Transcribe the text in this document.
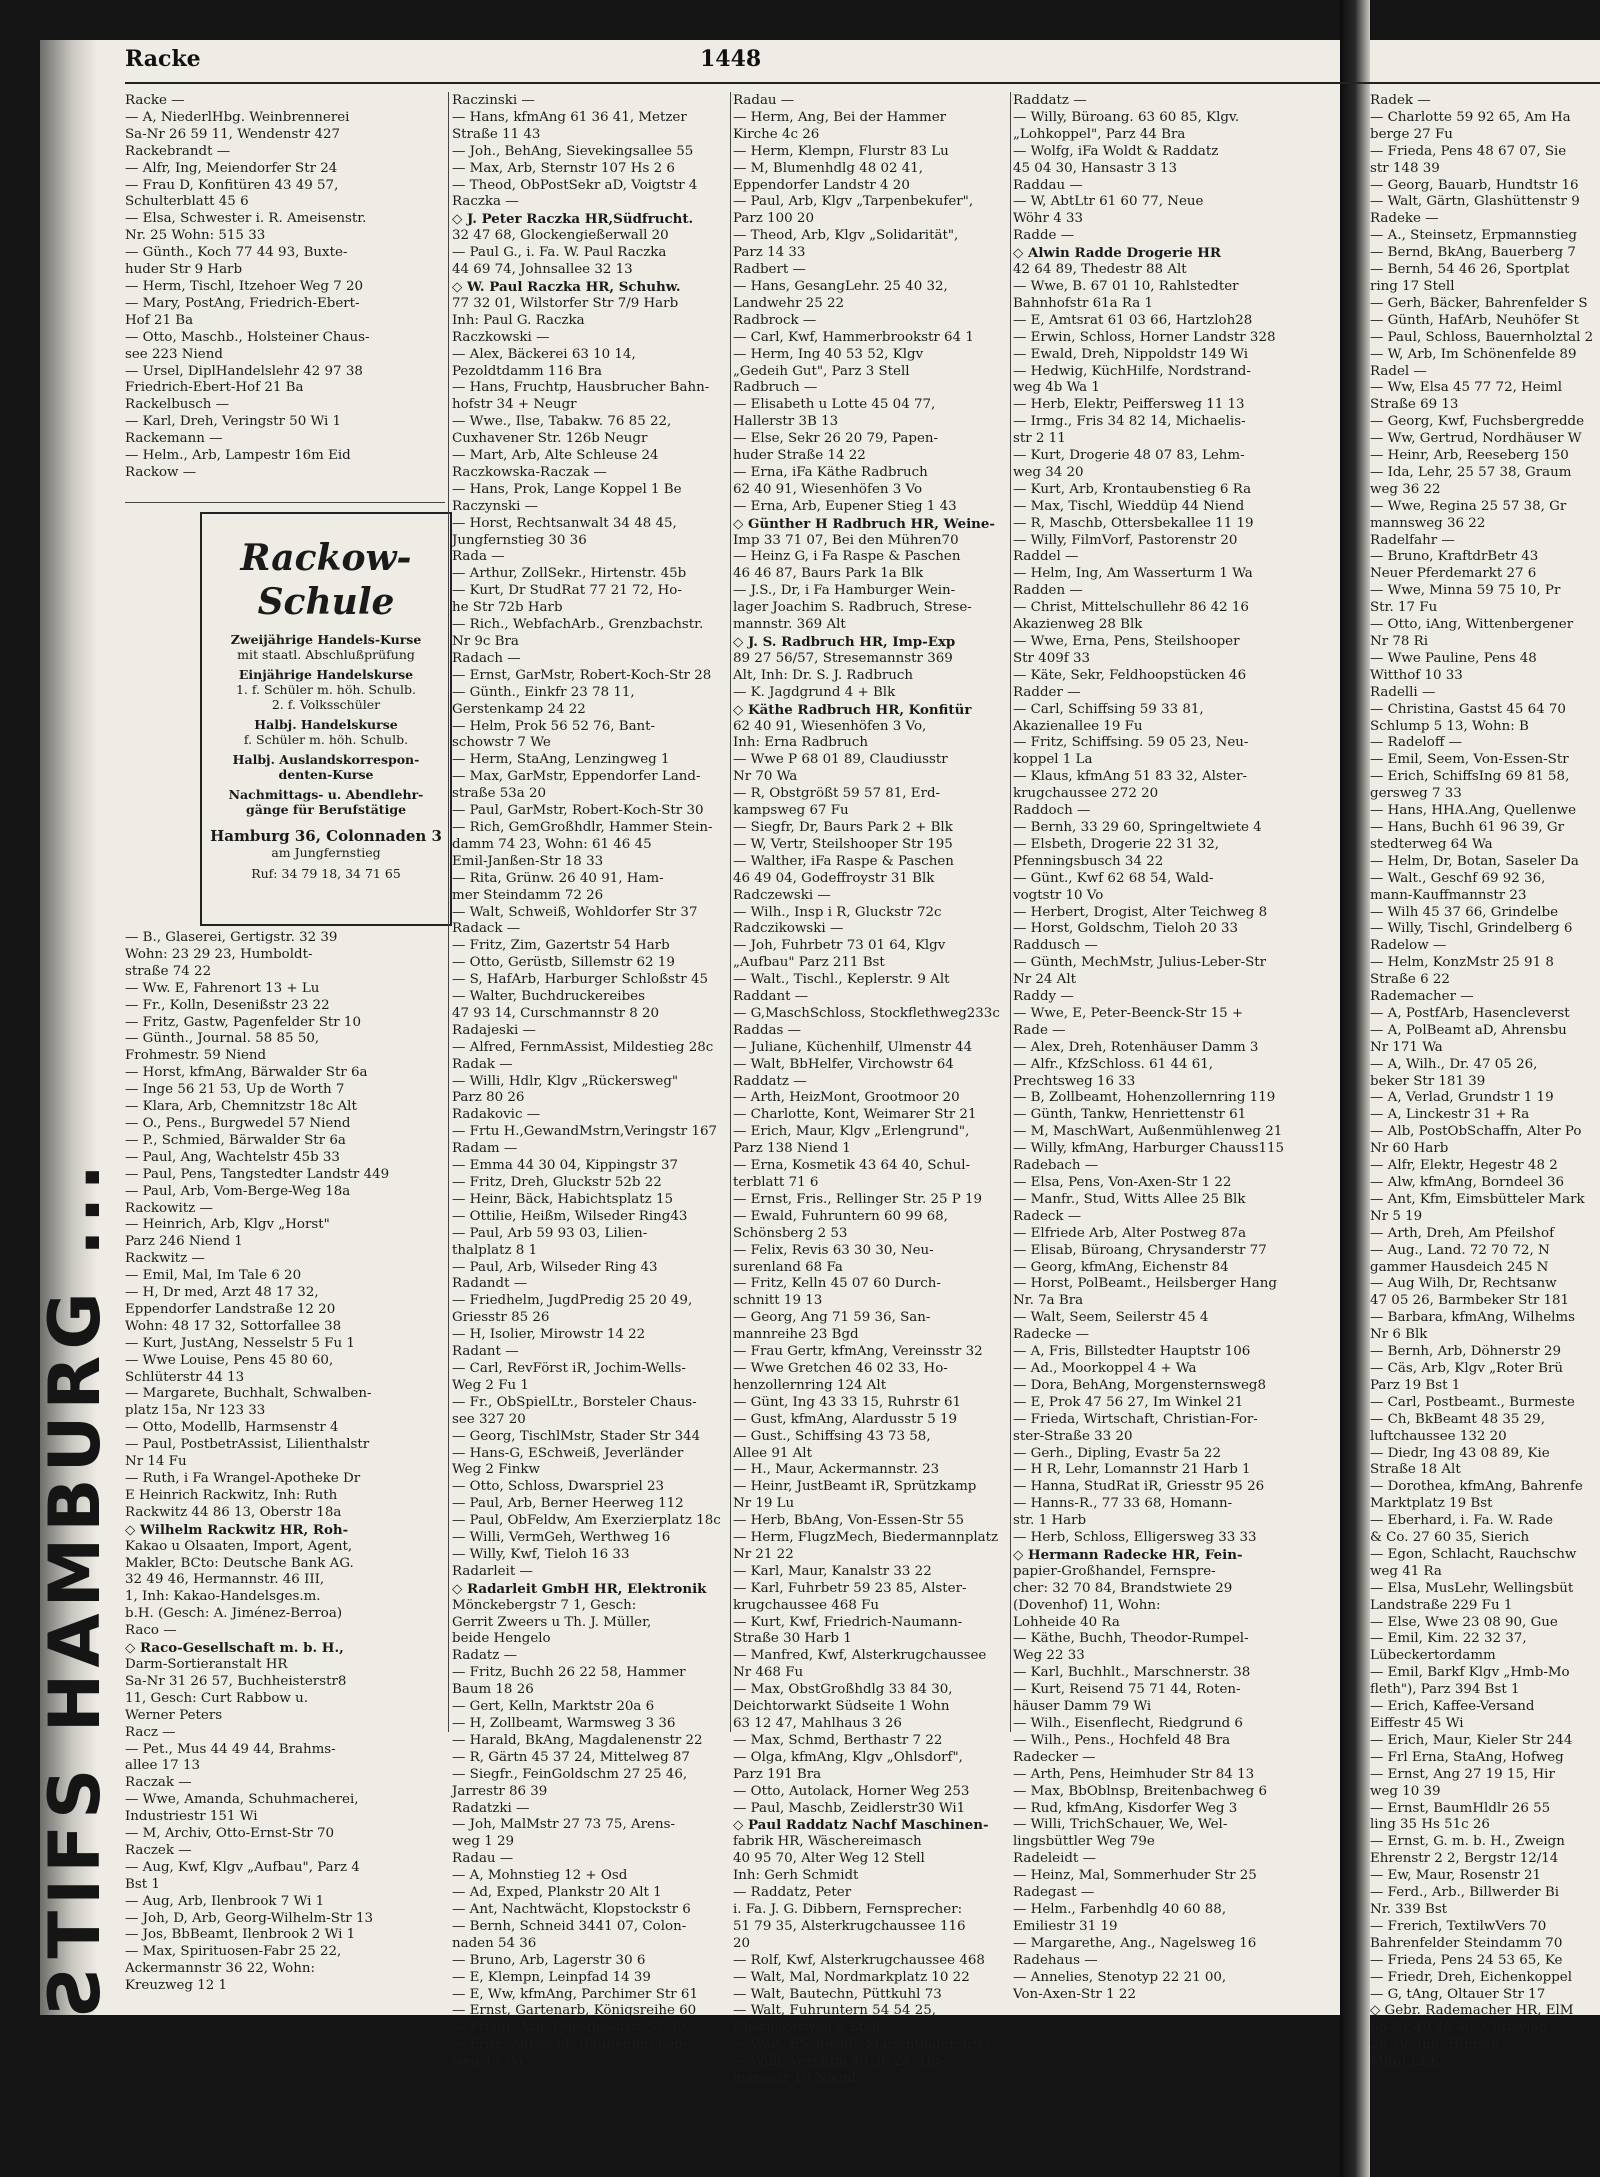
ƧTIFS HAMBURG ...
Racke	1448
Racke —
— A, NiederlHbg. Weinbrennerei
Sa-Nr 26 59 11, Wendenstr 427
Rackebrandt —
— Alfr, Ing, Meiendorfer Str 24
— Frau D, Konfitüren 43 49 57,
Schulterblatt 45 6
— Elsa, Schwester i. R. Ameisenstr.
Nr. 25 Wohn: 515 33
— Günth., Koch 77 44 93, Buxte-
huder Str 9 Harb
— Herm, Tischl, Itzehoer Weg 7 20
— Mary, PostAng, Friedrich-Ebert-
Hof 21 Ba
— Otto, Maschb., Holsteiner Chaus-
see 223 Niend
— Ursel, DiplHandelslehr 42 97 38
Friedrich-Ebert-Hof 21 Ba
Rackelbusch —
— Karl, Dreh, Veringstr 50 Wi 1
Rackemann —
— Helm., Arb, Lampestr 16m Eid
Rackow —
Rackow-Schule
Zweijährige Handels-Kurse
mit staatl. Abschlußprüfung
Einjährige Handelskurse
1. f. Schüler m. höh. Schulb.
2. f. Volksschüler
Halbj. Handelskurse
f. Schüler m. höh. Schulb.
Halbj. Auslandskorrespon-
denten-Kurse
Nachmittags- u. Abendlehr-
gänge für Berufstätige
Hamburg 36, Colonnaden 3
am Jungfernstieg
Ruf: 34 79 18, 34 71 65
— B., Glaserei, Gertigstr. 32 39
Wohn: 23 29 23, Humboldt-
straße 74 22
— Ww. E, Fahrenort 13 + Lu
— Fr., Kolln, Desenißstr 23 22
— Fritz, Gastw, Pagenfelder Str 10
— Günth., Journal. 58 85 50,
Frohmestr. 59 Niend
— Horst, kfmAng, Bärwalder Str 6a
— Inge 56 21 53, Up de Worth 7
— Klara, Arb, Chemnitzstr 18c Alt
— O., Pens., Burgwedel 57 Niend
— P., Schmied, Bärwalder Str 6a
— Paul, Ang, Wachtelstr 45b 33
— Paul, Pens, Tangstedter Landstr 449
— Paul, Arb, Vom-Berge-Weg 18a
Rackowitz —
— Heinrich, Arb, Klgv „Horst"
Parz 246 Niend 1
Rackwitz —
— Emil, Mal, Im Tale 6 20
— H, Dr med, Arzt 48 17 32,
Eppendorfer Landstraße 12 20
Wohn: 48 17 32, Sottorfallee 38
— Kurt, JustAng, Nesselstr 5 Fu 1
— Wwe Louise, Pens 45 80 60,
Schlüterstr 44 13
— Margarete, Buchhalt, Schwalben-
platz 15a, Nr 123 33
— Otto, Modellb, Harmsenstr 4
— Paul, PostbetrAssist, Lilienthalstr
Nr 14 Fu
— Ruth, i Fa Wrangel-Apotheke Dr
E Heinrich Rackwitz, Inh: Ruth
Rackwitz 44 86 13, Oberstr 18a
◇ Wilhelm Rackwitz HR, Roh-
Kakao u Olsaaten, Import, Agent,
Makler, BCto: Deutsche Bank AG.
32 49 46, Hermannstr. 46 III,
1, Inh: Kakao-Handelsges.m.
b.H. (Gesch: A. Jiménez-Berroa)
Raco —
◇ Raco-Gesellschaft m. b. H.,
Darm-Sortieranstalt HR
Sa-Nr 31 26 57, Buchheisterstr8
11, Gesch: Curt Rabbow u.
Werner Peters
Racz —
— Pet., Mus 44 49 44, Brahms-
allee 17 13
Raczak —
— Wwe, Amanda, Schuhmacherei,
Industriestr 151 Wi
— M, Archiv, Otto-Ernst-Str 70
Raczek —
— Aug, Kwf, Klgv „Aufbau", Parz 4
Bst 1
— Aug, Arb, Ilenbrook 7 Wi 1
— Joh, D, Arb, Georg-Wilhelm-Str 13
— Jos, BbBeamt, Ilenbrook 2 Wi 1
— Max, Spirituosen-Fabr 25 22,
Ackermannstr 36 22, Wohn:
Kreuzweg 12 1
Raczinski —
— Hans, kfmAng 61 36 41, Metzer
Straße 11 43
— Joh., BehAng, Sievekingsallee 55
— Max, Arb, Sternstr 107 Hs 2 6
— Theod, ObPostSekr aD, Voigtstr 4
Raczka —
◇ J. Peter Raczka HR,Südfrucht.
32 47 68, Glockengießerwall 20
— Paul G., i. Fa. W. Paul Raczka
44 69 74, Johnsallee 32 13
◇ W. Paul Raczka HR, Schuhw.
77 32 01, Wilstorfer Str 7/9 Harb
Inh: Paul G. Raczka
Raczkowski —
— Alex, Bäckerei 63 10 14,
Pezoldtdamm 116 Bra
— Hans, Fruchtp, Hausbrucher Bahn-
hofstr 34 + Neugr
— Wwe., Ilse, Tabakw. 76 85 22,
Cuxhavener Str. 126b Neugr
— Mart, Arb, Alte Schleuse 24
Raczkowska-Raczak —
— Hans, Prok, Lange Koppel 1 Be
Raczynski —
— Horst, Rechtsanwalt 34 48 45,
Jungfernstieg 30 36
Rada —
— Arthur, ZollSekr., Hirtenstr. 45b
— Kurt, Dr StudRat 77 21 72, Ho-
he Str 72b Harb
— Rich., WebfachArb., Grenzbachstr.
Nr 9c Bra
Radach —
— Ernst, GarMstr, Robert-Koch-Str 28
— Günth., Einkfr 23 78 11,
Gerstenkamp 24 22
— Helm, Prok 56 52 76, Bant-
schowstr 7 We
— Herm, StaAng, Lenzingweg 1
— Max, GarMstr, Eppendorfer Land-
straße 53a 20
— Paul, GarMstr, Robert-Koch-Str 30
— Rich, GemGroßhdlr, Hammer Stein-
damm 74 23, Wohn: 61 46 45
Emil-Janßen-Str 18 33
— Rita, Grünw. 26 40 91, Ham-
mer Steindamm 72 26
— Walt, Schweiß, Wohldorfer Str 37
Radack —
— Fritz, Zim, Gazertstr 54 Harb
— Otto, Gerüstb, Sillemstr 62 19
— S, HafArb, Harburger Schloßstr 45
— Walter, Buchdruckereibes
47 93 14, Curschmannstr 8 20
Radajeski —
— Alfred, FernmAssist, Mildestieg 28c
Radak —
— Willi, Hdlr, Klgv „Rückersweg"
Parz 80 26
Radakovic —
— Frtu H.,GewandMstrn,Veringstr 167
Radam —
— Emma 44 30 04, Kippingstr 37
— Fritz, Dreh, Gluckstr 52b 22
— Heinr, Bäck, Habichtsplatz 15
— Ottilie, Heißm, Wilseder Ring43
— Paul, Arb 59 93 03, Lilien-
thalplatz 8 1
— Paul, Arb, Wilseder Ring 43
Radandt —
— Friedhelm, JugdPredig 25 20 49,
Griesstr 85 26
— H, Isolier, Mirowstr 14 22
Radant —
— Carl, RevFörst iR, Jochim-Wells-
Weg 2 Fu 1
— Fr., ObSpielLtr., Borsteler Chaus-
see 327 20
— Georg, TischlMstr, Stader Str 344
— Hans-G, ESchweiß, Jeverländer
Weg 2 Finkw
— Otto, Schloss, Dwarspriel 23
— Paul, Arb, Berner Heerweg 112
— Paul, ObFeldw, Am Exerzierplatz 18c
— Willi, VermGeh, Werthweg 16
— Willy, Kwf, Tieloh 16 33
Radarleit —
◇ Radarleit GmbH HR, Elektronik
Mönckebergstr 7 1, Gesch:
Gerrit Zweers u Th. J. Müller,
beide Hengelo
Radatz —
— Fritz, Buchh 26 22 58, Hammer
Baum 18 26
— Gert, Kelln, Marktstr 20a 6
— H, Zollbeamt, Warmsweg 3 36
— Harald, BkAng, Magdalenenstr 22
— R, Gärtn 45 37 24, Mittelweg 87
— Siegfr., FeinGoldschm 27 25 46,
Jarrestr 86 39
Radatzki —
— Joh, MalMstr 27 73 75, Arens-
weg 1 29
Radau —
— A, Mohnstieg 12 + Osd
— Ad, Exped, Plankstr 20 Alt 1
— Ant, Nachtwächt, Klopstockstr 6
— Bernh, Schneid 3441 07, Colon-
naden 54 36
— Bruno, Arb, Lagerstr 30 6
— E, Klempn, Leinpfad 14 39
— E, Ww, kfmAng, Parchimer Str 61
— Ernst, Gartenarb, Königsreihe 60
— Friedr, Arb, Dorotheenstr 57 39
— Fritz, Autoschl, Haubenlerchen-
weg 17 Po
Radau —
— Herm, Ang, Bei der Hammer
Kirche 4c 26
— Herm, Klempn, Flurstr 83 Lu
— M, Blumenhdlg 48 02 41,
Eppendorfer Landstr 4 20
— Paul, Arb, Klgv „Tarpenbekufer",
Parz 100 20
— Theod, Arb, Klgv „Solidarität",
Parz 14 33
Radbert —
— Hans, GesangLehr. 25 40 32,
Landwehr 25 22
Radbrock —
— Carl, Kwf, Hammerbrookstr 64 1
— Herm, Ing 40 53 52, Klgv
„Gedeih Gut", Parz 3 Stell
Radbruch —
— Elisabeth u Lotte 45 04 77,
Hallerstr 3B 13
— Else, Sekr 26 20 79, Papen-
huder Straße 14 22
— Erna, iFa Käthe Radbruch
62 40 91, Wiesenhöfen 3 Vo
— Erna, Arb, Eupener Stieg 1 43
◇ Günther H Radbruch HR, Weine-
Imp 33 71 07, Bei den Mühren70
— Heinz G, i Fa Raspe & Paschen
46 46 87, Baurs Park 1a Blk
— J.S., Dr, i Fa Hamburger Wein-
lager Joachim S. Radbruch, Strese-
mannstr. 369 Alt
◇ J. S. Radbruch HR, Imp-Exp
89 27 56/57, Stresemannstr 369
Alt, Inh: Dr. S. J. Radbruch
— K. Jagdgrund 4 + Blk
◇ Käthe Radbruch HR, Konfitür
62 40 91, Wiesenhöfen 3 Vo,
Inh: Erna Radbruch
— Wwe P 68 01 89, Claudiusstr
Nr 70 Wa
— R, Obstgrößt 59 57 81, Erd-
kampsweg 67 Fu
— Siegfr, Dr, Baurs Park 2 + Blk
— W, Vertr, Steilshooper Str 195
— Walther, iFa Raspe & Paschen
46 49 04, Godeffroystr 31 Blk
Radczewski —
— Wilh., Insp i R, Gluckstr 72c
Radczikowski —
— Joh, Fuhrbetr 73 01 64, Klgv
„Aufbau" Parz 211 Bst
— Walt., Tischl., Keplerstr. 9 Alt
Raddant —
— G,MaschSchloss, Stockflethweg233c
Raddas —
— Juliane, Küchenhilf, Ulmenstr 44
— Walt, BbHelfer, Virchowstr 64
Raddatz —
— Arth, HeizMont, Grootmoor 20
— Charlotte, Kont, Weimarer Str 21
— Erich, Maur, Klgv „Erlengrund",
Parz 138 Niend 1
— Erna, Kosmetik 43 64 40, Schul-
terblatt 71 6
— Ernst, Fris., Rellinger Str. 25 P 19
— Ewald, Fuhruntern 60 99 68,
Schönsberg 2 53
— Felix, Revis 63 30 30, Neu-
surenland 68 Fa
— Fritz, Kelln 45 07 60 Durch-
schnitt 19 13
— Georg, Ang 71 59 36, San-
mannreihe 23 Bgd
— Frau Gertr, kfmAng, Vereinsstr 32
— Wwe Gretchen 46 02 33, Ho-
henzollernring 124 Alt
— Günt, Ing 43 33 15, Ruhrstr 61
— Gust, kfmAng, Alardusstr 5 19
— Gust., Schiffsing 43 73 58,
Allee 91 Alt
— H., Maur, Ackermannstr. 23
— Heinr, JustBeamt iR, Sprützkamp
Nr 19 Lu
— Herb, BbAng, Von-Essen-Str 55
— Herm, FlugzMech, Biedermannplatz
Nr 21 22
— Karl, Maur, Kanalstr 33 22
— Karl, Fuhrbetr 59 23 85, Alster-
krugchaussee 468 Fu
— Kurt, Kwf, Friedrich-Naumann-
Straße 30 Harb 1
— Manfred, Kwf, Alsterkrugchaussee
Nr 468 Fu
— Max, ObstGroßhdlg 33 84 30,
Deichtorwarkt Südseite 1 Wohn
63 12 47, Mahlhaus 3 26
— Max, Schmd, Berthastr 7 22
— Olga, kfmAng, Klgv „Ohlsdorf",
Parz 191 Bra
— Otto, Autolack, Horner Weg 253
— Paul, Maschb, Zeidlerstr30 Wi1
◇ Paul Raddatz Nachf Maschinen-
fabrik HR, Wäschereimasch
40 95 70, Alter Weg 12 Stell
Inh: Gerh Schmidt
— Raddatz, Peter
i. Fa. J. G. Dibbern, Fernsprecher:
51 79 35, Alsterkrugchaussee 116
20
— Rolf, Kwf, Alsterkrugchaussee 468
— Walt, Mal, Nordmarkplatz 10 22
— Walt, Bautechn, Püttkuhl 73
— Walt, Fuhruntern 54 54 25,
Cheruskerweg 8 Stell
— Walt, ESchweiß, Marienthalerstr93
— Willi, VersKfm 48 36 24, Hu-
mannstr 19 Niend
Raddatz —
— Willy, Büroang. 63 60 85, Klgv.
„Lohkoppel", Parz 44 Bra
— Wolfg, iFa Woldt & Raddatz
45 04 30, Hansastr 3 13
Raddau —
— W, AbtLtr 61 60 77, Neue
Wöhr 4 33
Radde —
◇ Alwin Radde Drogerie HR
42 64 89, Thedestr 88 Alt
— Wwe, B. 67 01 10, Rahlstedter
Bahnhofstr 61a Ra 1
— E, Amtsrat 61 03 66, Hartzloh28
— Erwin, Schloss, Horner Landstr 328
— Ewald, Dreh, Nippoldstr 149 Wi
— Hedwig, KüchHilfe, Nordstrand-
weg 4b Wa 1
— Herb, Elektr, Peiffersweg 11 13
— Irmg., Fris 34 82 14, Michaelis-
str 2 11
— Kurt, Drogerie 48 07 83, Lehm-
weg 34 20
— Kurt, Arb, Krontaubenstieg 6 Ra
— Max, Tischl, Wieddüp 44 Niend
— R, Maschb, Ottersbekallee 11 19
— Willy, FilmVorf, Pastorenstr 20
Raddel —
— Helm, Ing, Am Wasserturm 1 Wa
Radden —
— Christ, Mittelschullehr 86 42 16
Akazienweg 28 Blk
— Wwe, Erna, Pens, Steilshooper
Str 409f 33
— Käte, Sekr, Feldhoopstücken 46
Radder —
— Carl, Schiffsing 59 33 81,
Akazienallee 19 Fu
— Fritz, Schiffsing. 59 05 23, Neu-
koppel 1 La
— Klaus, kfmAng 51 83 32, Alster-
krugchaussee 272 20
Raddoch —
— Bernh, 33 29 60, Springeltwiete 4
— Elsbeth, Drogerie 22 31 32,
Pfenningsbusch 34 22
— Günt., Kwf 62 68 54, Wald-
vogtstr 10 Vo
— Herbert, Drogist, Alter Teichweg 8
— Horst, Goldschm, Tieloh 20 33
Raddusch —
— Günth, MechMstr, Julius-Leber-Str
Nr 24 Alt
Raddy —
— Wwe, E, Peter-Beenck-Str 15 +
Rade —
— Alex, Dreh, Rotenhäuser Damm 3
— Alfr., KfzSchloss. 61 44 61,
Prechtsweg 16 33
— B, Zollbeamt, Hohenzollernring 119
— Günth, Tankw, Henriettenstr 61
— M, MaschWart, Außenmühlenweg 21
— Willy, kfmAng, Harburger Chauss115
Radebach —
— Elsa, Pens, Von-Axen-Str 1 22
— Manfr., Stud, Witts Allee 25 Blk
Radeck —
— Elfriede Arb, Alter Postweg 87a
— Elisab, Büroang, Chrysanderstr 77
— Georg, kfmAng, Eichenstr 84
— Horst, PolBeamt., Heilsberger Hang
Nr. 7a Bra
— Walt, Seem, Seilerstr 45 4
Radecke —
— A, Fris, Billstedter Hauptstr 106
— Ad., Moorkoppel 4 + Wa
— Dora, BehAng, Morgensternsweg8
— E, Prok 47 56 27, Im Winkel 21
— Frieda, Wirtschaft, Christian-For-
ster-Straße 33 20
— Gerh., Dipling, Evastr 5a 22
— H R, Lehr, Lomannstr 21 Harb 1
— Hanna, StudRat iR, Griesstr 95 26
— Hanns-R., 77 33 68, Homann-
str. 1 Harb
— Herb, Schloss, Elligersweg 33 33
◇ Hermann Radecke HR, Fein-
papier-Großhandel, Fernspre-
cher: 32 70 84, Brandstwiete 29
(Dovenhof) 11, Wohn:
Lohheide 40 Ra
— Käthe, Buchh, Theodor-Rumpel-
Weg 22 33
— Karl, Buchhlt., Marschnerstr. 38
— Kurt, Reisend 75 71 44, Roten-
häuser Damm 79 Wi
— Wilh., Eisenflecht, Riedgrund 6
— Wilh., Pens., Hochfeld 48 Bra
Radecker —
— Arth, Pens, Heimhuder Str 84 13
— Max, BbOblnsp, Breitenbachweg 6
— Rud, kfmAng, Kisdorfer Weg 3
— Willi, TrichSchauer, We, Wel-
lingsbüttler Weg 79e
Radeleidt —
— Heinz, Mal, Sommerhuder Str 25
Radegast —
— Helm., Farbenhdlg 40 60 88,
Emiliestr 31 19
— Margarethe, Ang., Nagelsweg 16
Radehaus —
— Annelies, Stenotyp 22 21 00,
Von-Axen-Str 1 22
Radek —
— Charlotte 59 92 65, Am Ha
berge 27 Fu
— Frieda, Pens 48 67 07, Sie
str 148 39
— Georg, Bauarb, Hundtstr 16
— Walt, Gärtn, Glashüttenstr 9
Radeke —
— A., Steinsetz, Erpmannstieg
— Bernd, BkAng, Bauerberg 7
— Bernh, 54 46 26, Sportplat
ring 17 Stell
— Gerh, Bäcker, Bahrenfelder S
— Günth, HafArb, Neuhöfer St
— Paul, Schloss, Bauernholztal 2
— W, Arb, Im Schönenfelde 89
Radel —
— Ww, Elsa 45 77 72, Heiml
Straße 69 13
— Georg, Kwf, Fuchsbergredde
— Ww, Gertrud, Nordhäuser W
— Heinr, Arb, Reeseberg 150
— Ida, Lehr, 25 57 38, Graum
weg 36 22
— Wwe, Regina 25 57 38, Gr
mannsweg 36 22
Radelfahr —
— Bruno, KraftdrBetr 43
Neuer Pferdemarkt 27 6
— Wwe, Minna 59 75 10, Pr
Str. 17 Fu
— Otto, iAng, Wittenbergener
Nr 78 Ri
— Wwe Pauline, Pens 48
Witthof 10 33
Radelli —
— Christina, Gastst 45 64 70
Schlump 5 13, Wohn: B
— Radeloff —
— Emil, Seem, Von-Essen-Str
— Erich, SchiffsIng 69 81 58,
gersweg 7 33
— Hans, HHA.Ang, Quellenwe
— Hans, Buchh 61 96 39, Gr
stedterweg 64 Wa
— Helm, Dr, Botan, Saseler Da
— Walt., Geschf 69 92 36,
mann-Kauffmannstr 23
— Wilh 45 37 66, Grindelbe
— Willy, Tischl, Grindelberg 6
Radelow —
— Helm, KonzMstr 25 91 8
Straße 6 22
Rademacher —
— A, PostfArb, Hasencleverst
— A, PolBeamt aD, Ahrensbu
Nr 171 Wa
— A, Wilh., Dr. 47 05 26,
beker Str 181 39
— A, Verlad, Grundstr 1 19
— A, Linckestr 31 + Ra
— Alb, PostObSchaffn, Alter Po
Nr 60 Harb
— Alfr, Elektr, Hegestr 48 2
— Alw, kfmAng, Borndeel 36
— Ant, Kfm, Eimsbütteler Mark
Nr 5 19
— Arth, Dreh, Am Pfeilshof
— Aug., Land. 72 70 72, N
gammer Hausdeich 245 N
— Aug Wilh, Dr, Rechtsanw
47 05 26, Barmbeker Str 181
— Barbara, kfmAng, Wilhelms
Nr 6 Blk
— Bernh, Arb, Döhnerstr 29
— Cäs, Arb, Klgv „Roter Brü
Parz 19 Bst 1
— Carl, Postbeamt., Burmeste
— Ch, BkBeamt 48 35 29,
luftchaussee 132 20
— Diedr, Ing 43 08 89, Kie
Straße 18 Alt
— Dorothea, kfmAng, Bahrenfe
Marktplatz 19 Bst
— Eberhard, i. Fa. W. Rade
& Co. 27 60 35, Sierich
— Egon, Schlacht, Rauchschw
weg 41 Ra
— Elsa, MusLehr, Wellingsbüt
Landstraße 229 Fu 1
— Else, Wwe 23 08 90, Gue
— Emil, Kim. 22 32 37,
Lübeckertordamm
— Emil, Barkf Klgv „Hmb-Mo
fleth"), Parz 394 Bst 1
— Erich, Kaffee-Versand
Eiffestr 45 Wi
— Erich, Maur, Kieler Str 244
— Frl Erna, StaAng, Hofweg
— Ernst, Ang 27 19 15, Hir
weg 10 39
— Ernst, BaumHldlr 26 55
ling 35 Hs 51c 26
— Ernst, G. m. b. H., Zweign
Ehrenstr 2 2, Bergstr 12/14
— Ew, Maur, Rosenstr 21
— Ferd., Arb., Billwerder Bi
Nr. 339 Bst
— Frerich, TextilwVers 70
Bahrenfelder Steindamm 70
— Frieda, Pens 24 53 65, Ke
— Friedr, Dreh, Eichenkoppel
— G, tAng, Oltauer Str 17
◇ Gebr. Rademacher HR, ElM
Sa-Nr 40 46 46, Chrisvian
28 19, Inh: Hinrich
Mitgl EEK
